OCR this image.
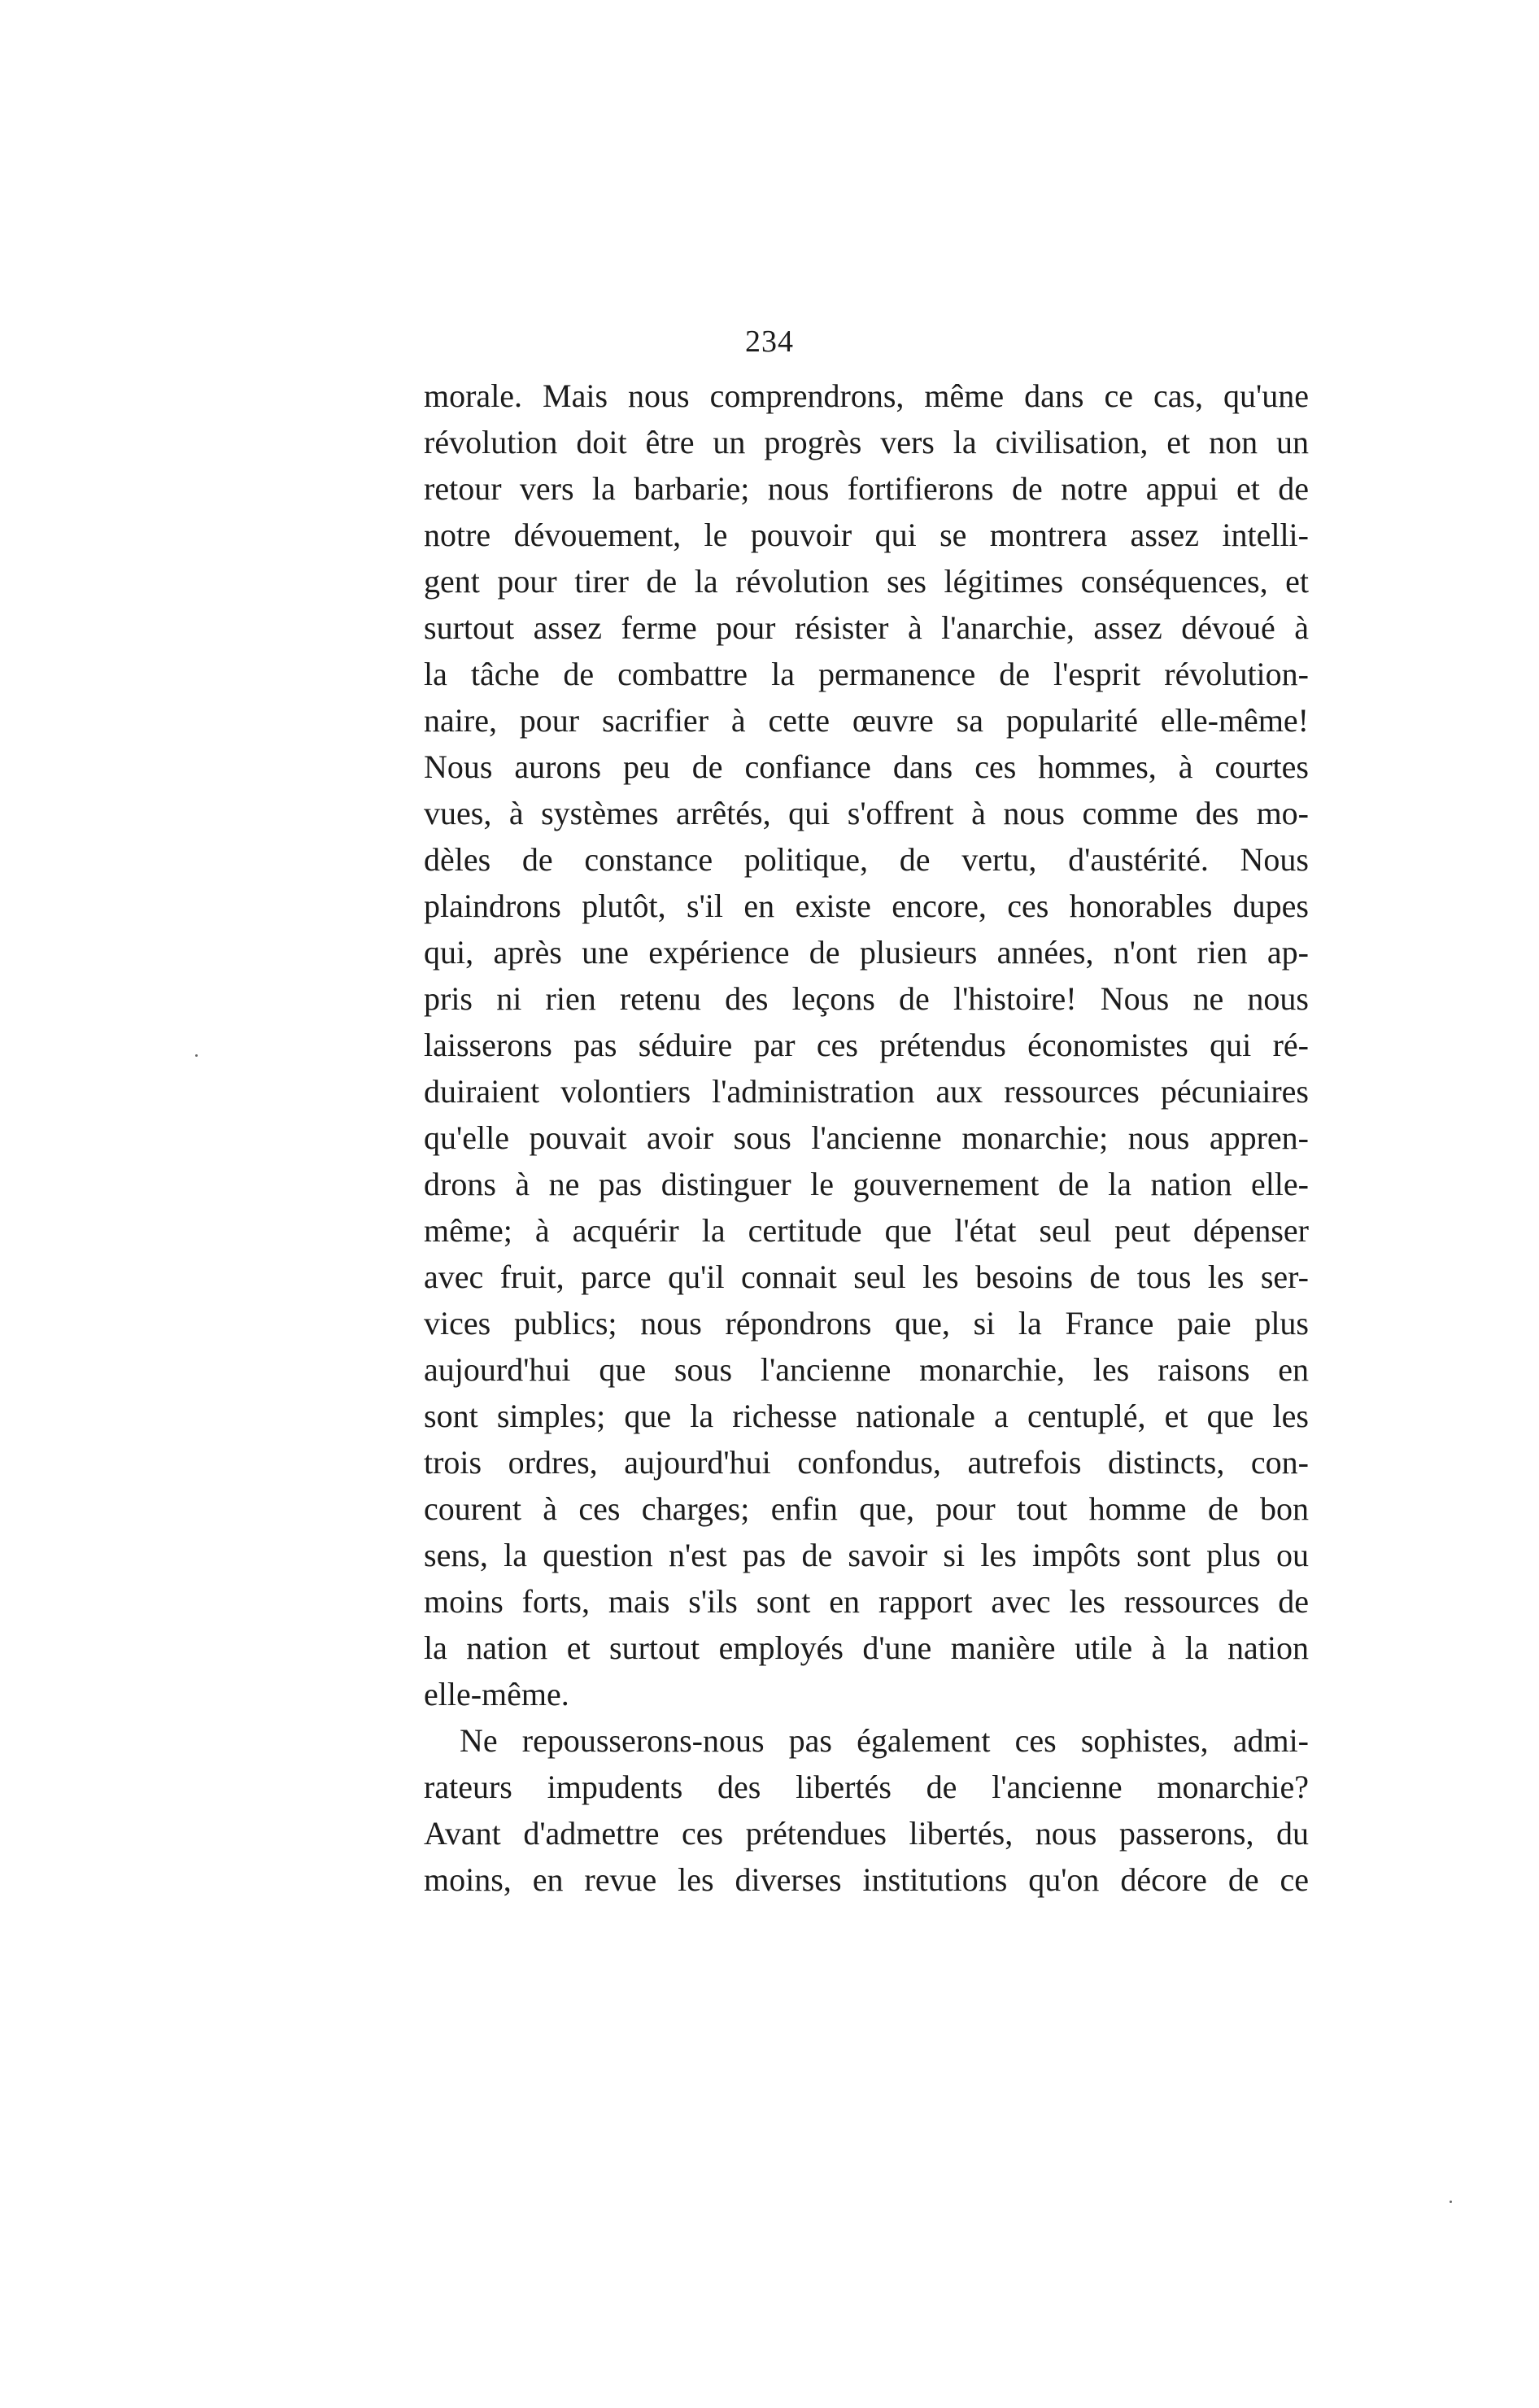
234
morale. Mais nous comprendrons, même dans ce cas, qu'une
révolution doit être un progrès vers la civilisation, et non un
retour vers la barbarie; nous fortifierons de notre appui et de
notre dévouement, le pouvoir qui se montrera assez intelli-
gent pour tirer de la révolution ses légitimes conséquences, et
surtout assez ferme pour résister à l'anarchie, assez dévoué à
la tâche de combattre la permanence de l'esprit révolution-
naire, pour sacrifier à cette œuvre sa popularité elle-même!
Nous aurons peu de confiance dans ces hommes, à courtes
vues, à systèmes arrêtés, qui s'offrent à nous comme des mo-
dèles de constance politique, de vertu, d'austérité. Nous
plaindrons plutôt, s'il en existe encore, ces honorables dupes
qui, après une expérience de plusieurs années, n'ont rien ap-
pris ni rien retenu des leçons de l'histoire! Nous ne nous
laisserons pas séduire par ces prétendus économistes qui ré-
duiraient volontiers l'administration aux ressources pécuniaires
qu'elle pouvait avoir sous l'ancienne monarchie; nous appren-
drons à ne pas distinguer le gouvernement de la nation elle-
même; à acquérir la certitude que l'état seul peut dépenser
avec fruit, parce qu'il connait seul les besoins de tous les ser-
vices publics; nous répondrons que, si la France paie plus
aujourd'hui que sous l'ancienne monarchie, les raisons en
sont simples; que la richesse nationale a centuplé, et que les
trois ordres, aujourd'hui confondus, autrefois distincts, con-
courent à ces charges; enfin que, pour tout homme de bon
sens, la question n'est pas de savoir si les impôts sont plus ou
moins forts, mais s'ils sont en rapport avec les ressources de
la nation et surtout employés d'une manière utile à la nation
elle-même.
Ne repousserons-nous pas également ces sophistes, admi-
rateurs impudents des libertés de l'ancienne monarchie?
Avant d'admettre ces prétendues libertés, nous passerons, du
moins, en revue les diverses institutions qu'on décore de ce
